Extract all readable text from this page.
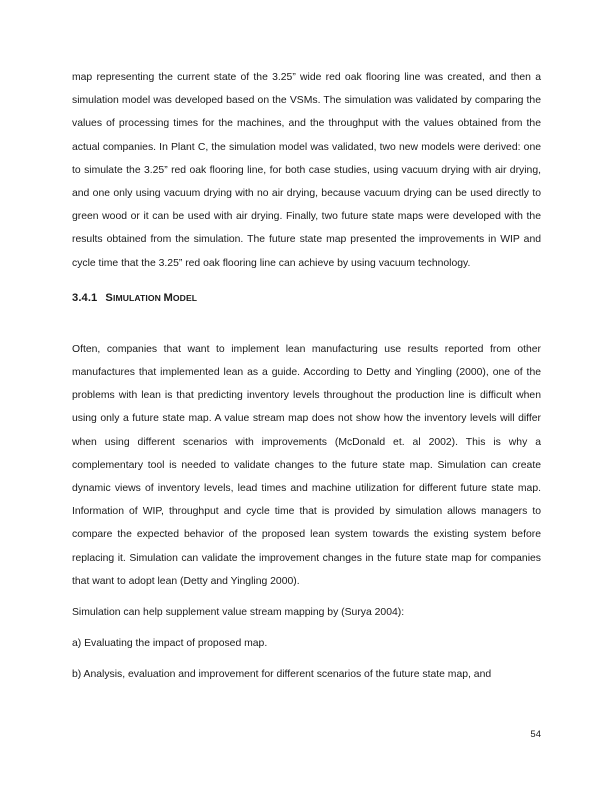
map representing the current state of the 3.25” wide red oak flooring line was created, and then a simulation model was developed based on the VSMs. The simulation was validated by comparing the values of processing times for the machines, and the throughput with the values obtained from the actual companies. In Plant C, the simulation model was validated, two new models were derived: one to simulate the 3.25” red oak flooring line, for both case studies, using vacuum drying with air drying, and one only using vacuum drying with no air drying, because vacuum drying can be used directly to green wood or it can be used with air drying. Finally, two future state maps were developed with the results obtained from the simulation. The future state map presented the improvements in WIP and cycle time that the 3.25” red oak flooring line can achieve by using vacuum technology.

3.4.1 SIMULATION MODEL

Often, companies that want to implement lean manufacturing use results reported from other manufactures that implemented lean as a guide. According to Detty and Yingling (2000), one of the problems with lean is that predicting inventory levels throughout the production line is difficult when using only a future state map. A value stream map does not show how the inventory levels will differ when using different scenarios with improvements (McDonald et. al 2002). This is why a complementary tool is needed to validate changes to the future state map. Simulation can create dynamic views of inventory levels, lead times and machine utilization for different future state map. Information of WIP, throughput and cycle time that is provided by simulation allows managers to compare the expected behavior of the proposed lean system towards the existing system before replacing it. Simulation can validate the improvement changes in the future state map for companies that want to adopt lean (Detty and Yingling 2000).

Simulation can help supplement value stream mapping by (Surya 2004):

a) Evaluating the impact of proposed map.

b) Analysis, evaluation and improvement for different scenarios of the future state map, and

54
